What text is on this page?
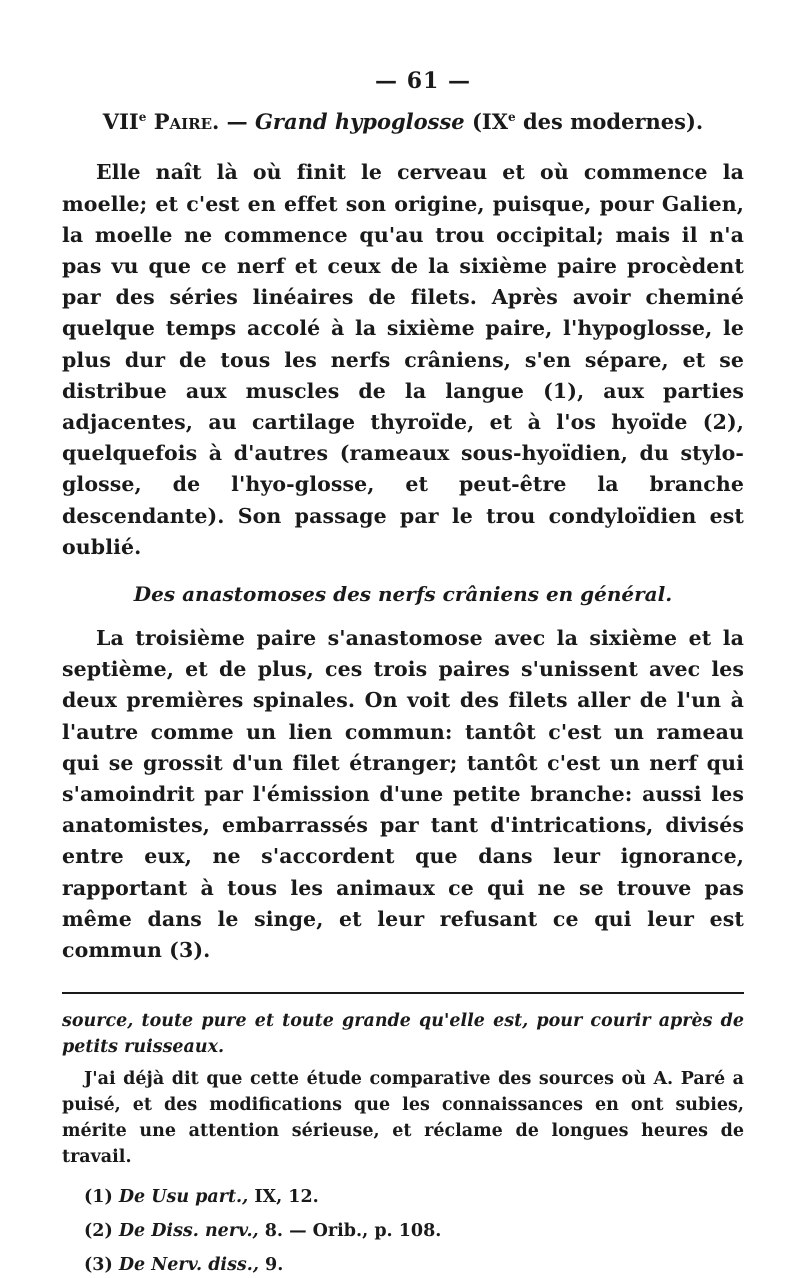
— 61 —
VIIe Paire. — Grand hypoglosse (IXe des modernes).

Elle naît là où finit le cerveau et où commence la moelle; et c'est en effet son origine, puisque, pour Galien, la moelle ne commence qu'au trou occipital; mais il n'a pas vu que ce nerf et ceux de la sixième paire procèdent par des séries linéaires de filets. Après avoir cheminé quelque temps accolé à la sixième paire, l'hypoglosse, le plus dur de tous les nerfs crâniens, s'en sépare, et se distribue aux muscles de la langue (1), aux parties adjacentes, au cartilage thyroïde, et à l'os hyoïde (2), quelquefois à d'autres (rameaux sous-hyoïdien, du stylo-glosse, de l'hyo-glosse, et peut-être la branche descendante). Son passage par le trou condyloïdien est oublié.

Des anastomoses des nerfs crâniens en général.

La troisième paire s'anastomose avec la sixième et la septième, et de plus, ces trois paires s'unissent avec les deux premières spinales. On voit des filets aller de l'un à l'autre comme un lien commun: tantôt c'est un rameau qui se grossit d'un filet étranger; tantôt c'est un nerf qui s'amoindrit par l'émission d'une petite branche: aussi les anatomistes, embarrassés par tant d'intrications, divisés entre eux, ne s'accordent que dans leur ignorance, rapportant à tous les animaux ce qui ne se trouve pas même dans le singe, et leur refusant ce qui leur est commun (3).

source, toute pure et toute grande qu'elle est, pour courir après de petits ruisseaux.

J'ai déjà dit que cette étude comparative des sources où A. Paré a puisé, et des modifications que les connaissances en ont subies, mérite une attention sérieuse, et réclame de longues heures de travail.

(1) De Usu part., IX, 12.
(2) De Diss. nerv., 8. — Orib., p. 108.
(3) De Nerv. diss., 9.
